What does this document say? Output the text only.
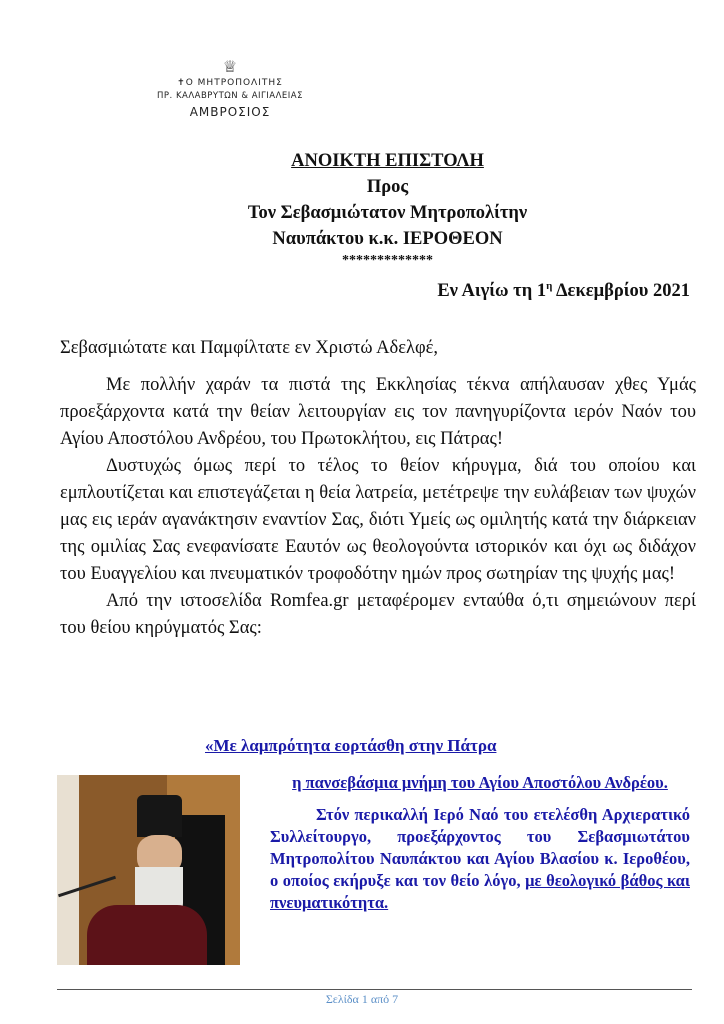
♕
✝Ο ΜΗΤΡΟΠΟΛΙΤΗΣ
ΠΡ. ΚΑΛΑΒΡΥΤΩΝ & ΑΙΓΙΑΛΕΙΑΣ
ΑΜΒΡΟΣΙΟΣ
ΑΝΟΙΚΤΗ ΕΠΙΣΤΟΛΗ
Προς
Τον Σεβασμιώτατον Μητροπολίτην
Ναυπάκτου κ.κ. ΙΕΡΟΘΕΟΝ
*************
Εν Αιγίω τη $1^\eta$ Δεκεμβρίου 2021
Σεβασμιώτατε και Παμφίλτατε εν Χριστώ Αδελφέ,

Με πολλήν χαράν τα πιστά της Εκκλησίας τέκνα απήλαυσαν χθες Υμάς προεξάρχοντα κατά την θείαν λειτουργίαν εις τον πανηγυρίζοντα ιερόν Ναόν του Αγίου Αποστόλου Ανδρέου, του Πρωτοκλήτου, εις Πάτρας!

Δυστυχώς όμως περί το τέλος το θείον κήρυγμα, διά του οποίου και εμπλουτίζεται και επιστεγάζεται η θεία λατρεία, μετέτρεψε την ευλάβειαν των ψυχών μας εις ιεράν αγανάκτησιν εναντίον Σας, διότι Υμείς ως ομιλητής κατά την διάρκειαν της ομιλίας Σας ενεφανίσατε Εαυτόν ως θεολογούντα ιστορικόν και όχι ως διδάχον του Ευαγγελίου και πνευματικόν τροφοδότην ημών προς σωτηρίαν της ψυχής μας!

Από την ιστοσελίδα Romfea.gr μεταφέρομεν ενταύθα ό,τι σημειώνουν περί του θείου κηρύγματός Σας:

«Με λαμπρότητα εορτάσθη στην Πάτρα
η πανσεβάσμια μνήμη του Αγίου Αποστόλου Ανδρέου.
Στόν περικαλλή Ιερό Ναό του ετελέσθη Αρχιερατικό Συλλείτουργο, προεξάρχοντος του Σεβασμιωτάτου Μητροπολίτου Ναυπάκτου και Αγίου Βλασίου κ. Ιεροθέου, ο οποίος εκήρυξε και τον θείο λόγο, με θεολογικό βάθος και πνευματικότητα.
Σελίδα 1 από 7
